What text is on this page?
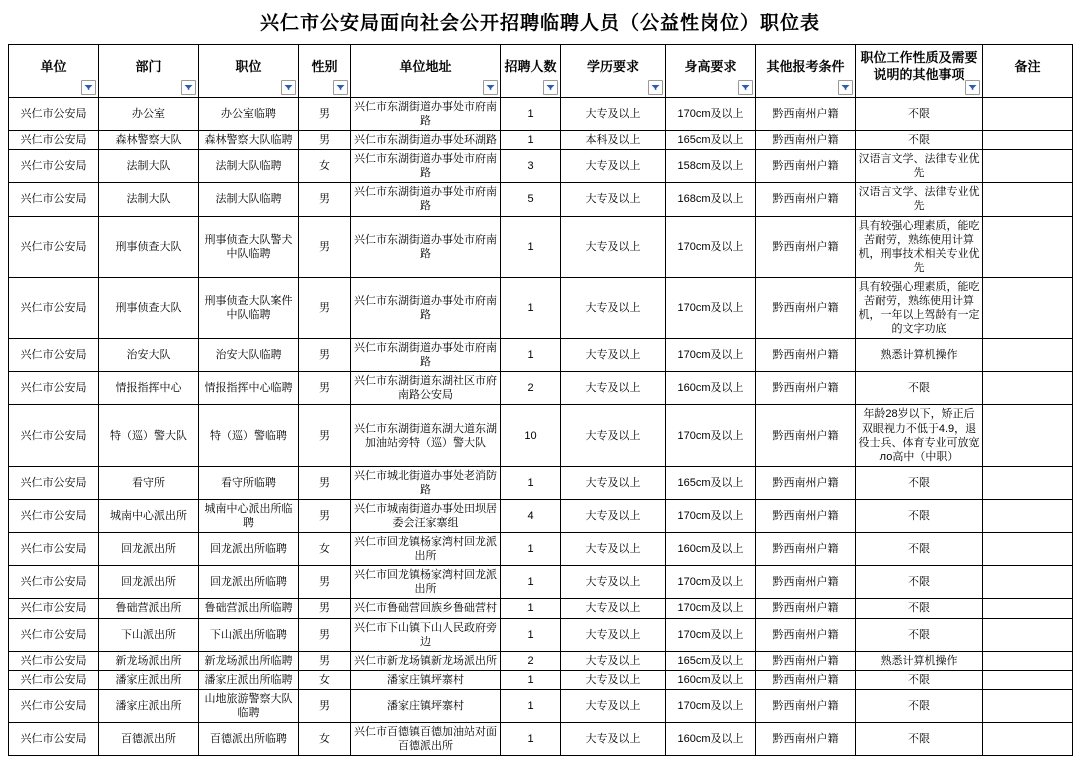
兴仁市公安局面向社会公开招聘临聘人员（公益性岗位）职位表
单位	部门	职位	性别	单位地址	招聘人数	学历要求	身高要求	其他报考条件	职位工作性质及需要说明的其他事项	备注
兴仁市公安局	办公室	办公室临聘	男	兴仁市东湖街道办事处市府南路	1	大专及以上	170cm及以上	黔西南州户籍	不限	
兴仁市公安局	森林警察大队	森林警察大队临聘	男	兴仁市东湖街道办事处环湖路	1	本科及以上	165cm及以上	黔西南州户籍	不限	
兴仁市公安局	法制大队	法制大队临聘	女	兴仁市东湖街道办事处市府南路	3	大专及以上	158cm及以上	黔西南州户籍	汉语言文学、法律专业优先	
兴仁市公安局	法制大队	法制大队临聘	男	兴仁市东湖街道办事处市府南路	5	大专及以上	168cm及以上	黔西南州户籍	汉语言文学、法律专业优先	
兴仁市公安局	刑事侦查大队	刑事侦查大队警犬中队临聘	男	兴仁市东湖街道办事处市府南路	1	大专及以上	170cm及以上	黔西南州户籍	具有较强心理素质，能吃苦耐劳，熟练使用计算机，刑事技术相关专业优先	
兴仁市公安局	刑事侦查大队	刑事侦查大队案件中队临聘	男	兴仁市东湖街道办事处市府南路	1	大专及以上	170cm及以上	黔西南州户籍	具有较强心理素质，能吃苦耐劳，熟练使用计算机，一年以上驾龄有一定的文字功底	
兴仁市公安局	治安大队	治安大队临聘	男	兴仁市东湖街道办事处市府南路	1	大专及以上	170cm及以上	黔西南州户籍	熟悉计算机操作	
兴仁市公安局	情报指挥中心	情报指挥中心临聘	男	兴仁市东湖街道东湖社区市府南路公安局	2	大专及以上	160cm及以上	黔西南州户籍	不限	
兴仁市公安局	特（巡）警大队	特（巡）警临聘	男	兴仁市东湖街道东湖大道东湖加油站旁特（巡）警大队	10	大专及以上	170cm及以上	黔西南州户籍	年龄28岁以下，矫正后双眼视力不低于4.9，退役士兵、体育专业可放宽ло高中（中职）	
兴仁市公安局	看守所	看守所临聘	男	兴仁市城北街道办事处老消防路	1	大专及以上	165cm及以上	黔西南州户籍	不限	
兴仁市公安局	城南中心派出所	城南中心派出所临聘	男	兴仁市城南街道办事处田坝居委会汪家寨组	4	大专及以上	170cm及以上	黔西南州户籍	不限	
兴仁市公安局	回龙派出所	回龙派出所临聘	女	兴仁市回龙镇杨家湾村回龙派出所	1	大专及以上	160cm及以上	黔西南州户籍	不限	
兴仁市公安局	回龙派出所	回龙派出所临聘	男	兴仁市回龙镇杨家湾村回龙派出所	1	大专及以上	170cm及以上	黔西南州户籍	不限	
兴仁市公安局	鲁础营派出所	鲁础营派出所临聘	男	兴仁市鲁础营回族乡鲁础营村	1	大专及以上	170cm及以上	黔西南州户籍	不限	
兴仁市公安局	下山派出所	下山派出所临聘	男	兴仁市下山镇下山人民政府旁边	1	大专及以上	170cm及以上	黔西南州户籍	不限	
兴仁市公安局	新龙场派出所	新龙场派出所临聘	男	兴仁市新龙场镇新龙场派出所	2	大专及以上	165cm及以上	黔西南州户籍	熟悉计算机操作	
兴仁市公安局	潘家庄派出所	潘家庄派出所临聘	女	潘家庄镇坪寨村	1	大专及以上	160cm及以上	黔西南州户籍	不限	
兴仁市公安局	潘家庄派出所	山地旅游警察大队临聘	男	潘家庄镇坪寨村	1	大专及以上	170cm及以上	黔西南州户籍	不限	
兴仁市公安局	百德派出所	百德派出所临聘	女	兴仁市百德镇百德加油站对面百德派出所	1	大专及以上	160cm及以上	黔西南州户籍	不限	
